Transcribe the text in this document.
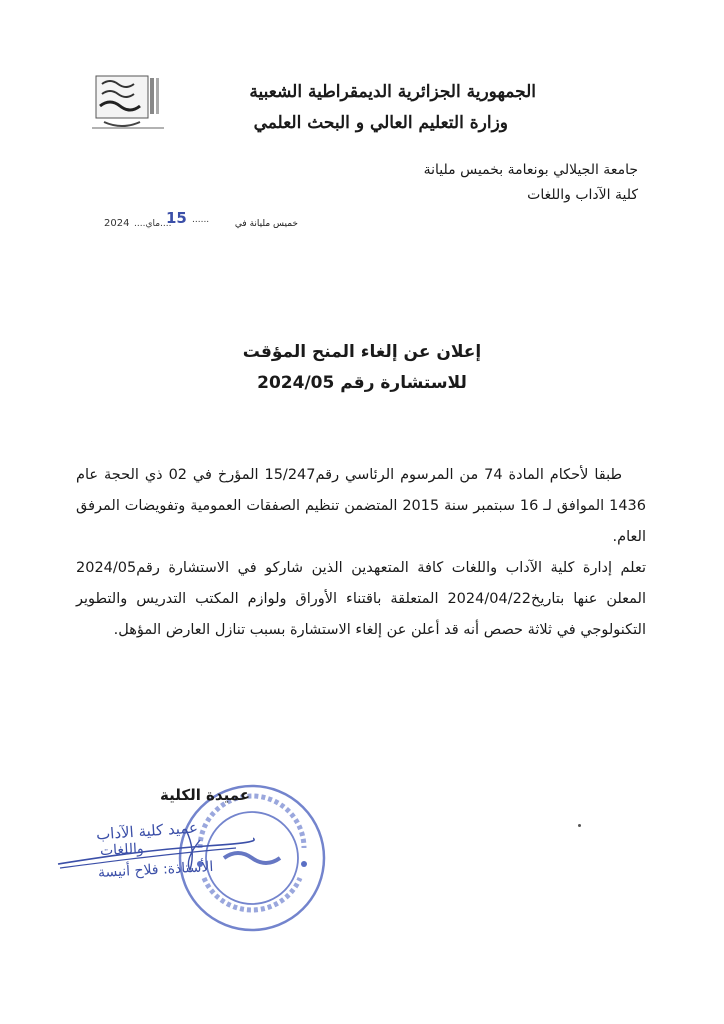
الجمهورية الجزائرية الديمقراطية الشعبية
وزارة التعليم العالي و البحث العلمي
جامعة الجيلالي بونعامة بخميس مليانة
كلية الآداب واللغات
خميس مليانة في
......
15
....ماي....
2024
إعلان عن إلغاء المنح المؤقت
للاستشارة رقم 2024/05

طبقا لأحكام المادة 74 من المرسوم الرئاسي رقم15/247 المؤرخ في 02 ذي الحجة عام 1436 الموافق لـ 16 سبتمبر سنة 2015 المتضمن تنظيم الصفقات العمومية وتفويضات المرفق العام.

تعلم إدارة كلية الآداب واللغات كافة المتعهدين الذين شاركو في الاستشارة رقم2024/05 المعلن عنها بتاريخ2024/04/22 المتعلقة باقتناء الأوراق ولوازم المكتب التدريس والتطوير التكنولوجي في ثلاثة حصص أنه قد أعلن عن إلغاء الاستشارة بسبب تنازل العارض المؤهل.

عميدة الكلية
عميد كلية الآداب
واللغات
الأستاذة: فلاح أنيسة
